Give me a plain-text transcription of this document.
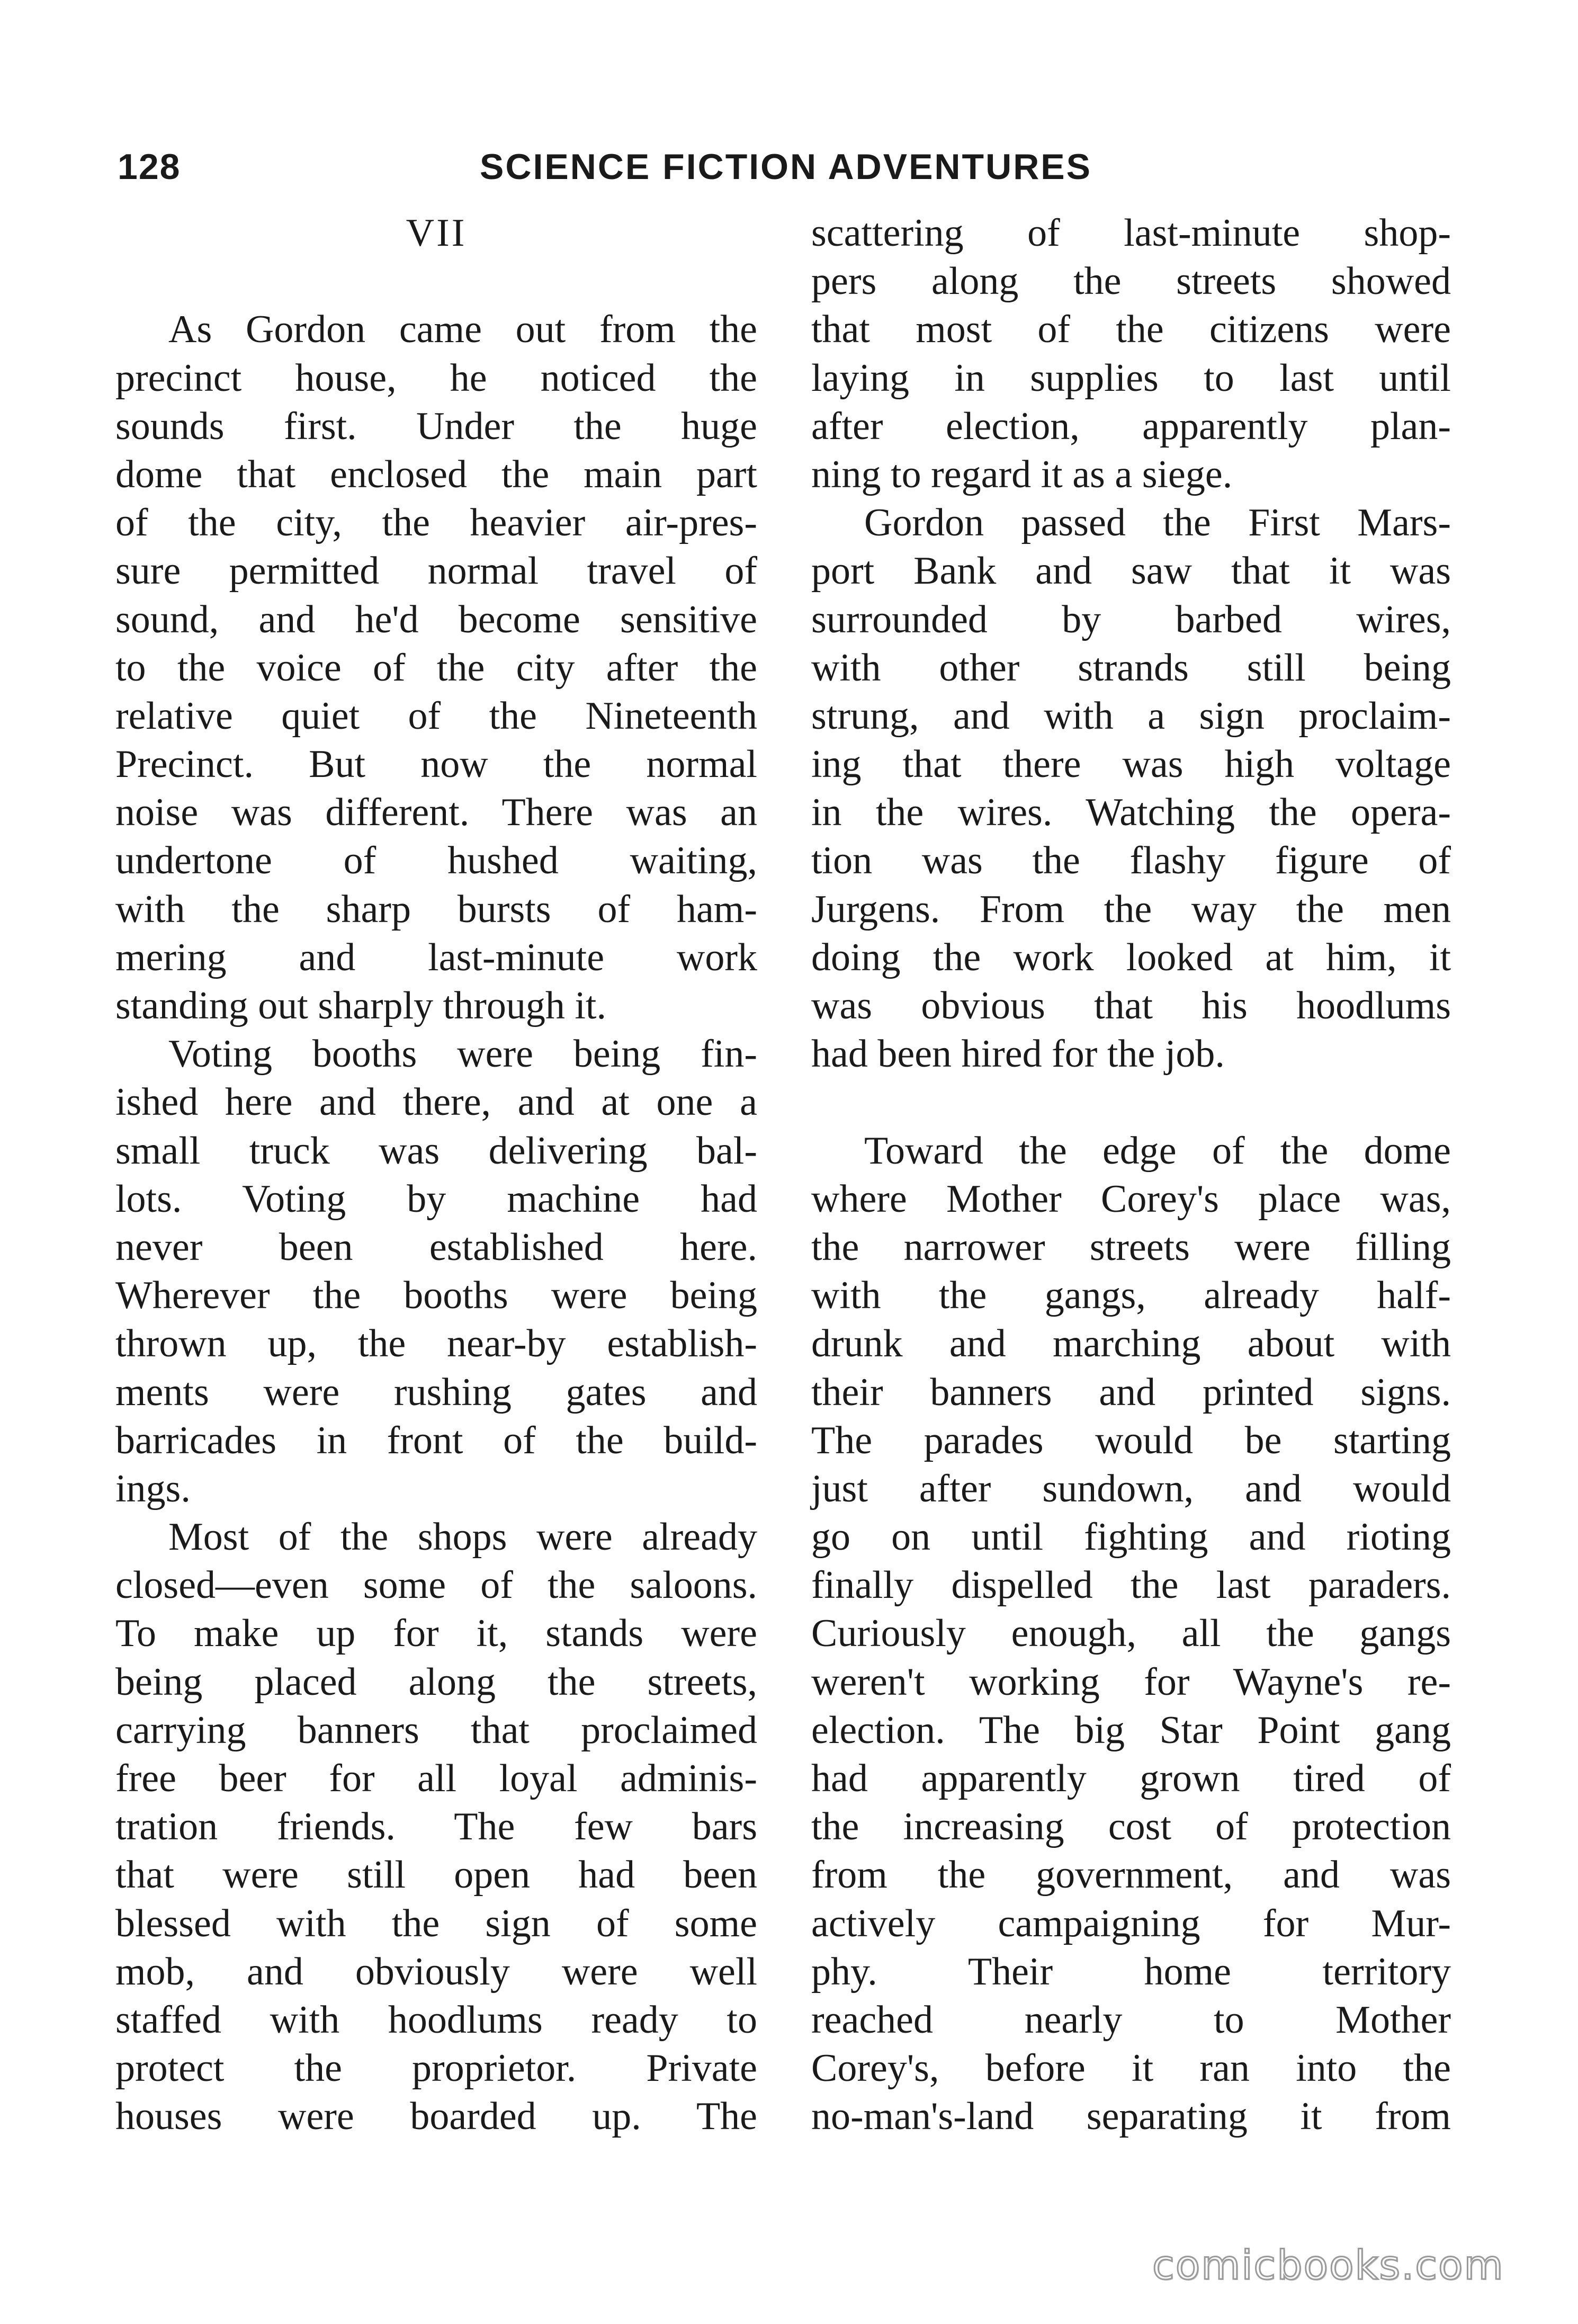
128	SCIENCE FICTION ADVENTURES
VII
As Gordon came out from the
precinct house, he noticed the
sounds first. Under the huge
dome that enclosed the main part
of the city, the heavier air-pres-
sure permitted normal travel of
sound, and he'd become sensitive
to the voice of the city after the
relative quiet of the Nineteenth
Precinct. But now the normal
noise was different. There was an
undertone of hushed waiting,
with the sharp bursts of ham-
mering and last-minute work
standing out sharply through it.
Voting booths were being fin-
ished here and there, and at one a
small truck was delivering bal-
lots. Voting by machine had
never been established here.
Wherever the booths were being
thrown up, the near-by establish-
ments were rushing gates and
barricades in front of the build-
ings.
Most of the shops were already
closed—even some of the saloons.
To make up for it, stands were
being placed along the streets,
carrying banners that proclaimed
free beer for all loyal adminis-
tration friends. The few bars
that were still open had been
blessed with the sign of some
mob, and obviously were well
staffed with hoodlums ready to
protect the proprietor. Private
houses were boarded up. The
scattering of last-minute shop-
pers along the streets showed
that most of the citizens were
laying in supplies to last until
after election, apparently plan-
ning to regard it as a siege.
Gordon passed the First Mars-
port Bank and saw that it was
surrounded by barbed wires,
with other strands still being
strung, and with a sign proclaim-
ing that there was high voltage
in the wires. Watching the opera-
tion was the flashy figure of
Jurgens. From the way the men
doing the work looked at him, it
was obvious that his hoodlums
had been hired for the job.
Toward the edge of the dome
where Mother Corey's place was,
the narrower streets were filling
with the gangs, already half-
drunk and marching about with
their banners and printed signs.
The parades would be starting
just after sundown, and would
go on until fighting and rioting
finally dispelled the last paraders.
Curiously enough, all the gangs
weren't working for Wayne's re-
election. The big Star Point gang
had apparently grown tired of
the increasing cost of protection
from the government, and was
actively campaigning for Mur-
phy. Their home territory
reached nearly to Mother
Corey's, before it ran into the
no-man's-land separating it from
comicbooks.com
